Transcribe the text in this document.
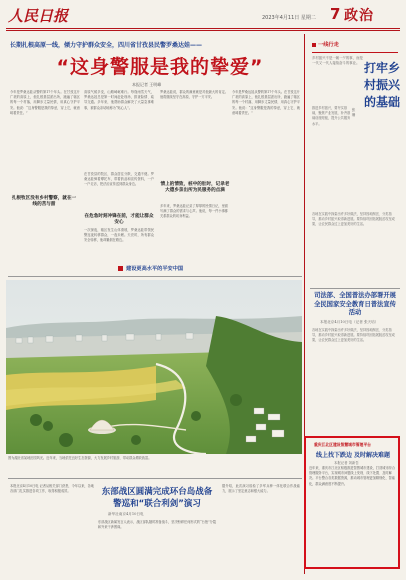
人民日报	2023年4月11日 星期二 7 政治
长期扎根高原一线，倾力守护群众安全，四川省甘孜县民警罗桑达娃——
“这身警服是我的挚爱”
本报记者 王明峰

今年是罗桑达娃从警的第17个年头。在甘孜这片广袤的高原上，他扎根基层派出所，跑遍了辖区的每一个村落，用脚步丈量民情，用真心守护平安。他说：“这身警服是我的挚爱，穿上它，就意味着责任。”

高原气候多变，山路崎岖难行。每逢雨雪天气，罗桑达娃总是第一时间赶赴现场，排查险情、疏导交通。多年来，他帮助群众解决了大量急事难事，被群众亲切地称为“贴心人”。

扎根牧区没有乡村警察，就在一线的苦与甜

在甘孜县的牧区，群众居住分散，交通不便。罗桑达娃骑着摩托车，带着药品和宣传资料，一户一户走访，把法治宣传送到群众身边。

在危急时刻冲锋在前，才能让群众安心

一次深夜，辖区发生山体滑坡，罗桑达娃带领民警连夜转移群众，一夜未眠。天亮时，所有群众安全转移，他却累倒在路边。

罗桑达娃说，群众的满意就是对他最大的肯定。他将继续坚守在高原，守护一方平安。

情上的情致，桩中的肚时，记录老大德乡亲出所为民服务的点滴

多年来，罗桑达娃记录了厚厚的民情日记，里面写满了群众的需求与心声。他说，每一件小事都关系群众的切身利益。

今年是罗桑达娃从警的第17个年头。在甘孜这片广袤的高原上，他扎根基层派出所，跑遍了辖区的每一个村落，用脚步丈量民情，用真心守护平安。他说：“这身警服是我的挚爱，穿上它，就意味着责任。”

建设更高水平的平安中国
一线行走
乡村振兴不是一朝一夕的事，而是一代又一代人接续奋斗的事业。 打牢乡村振兴的基础
张 珊
推进乡村振兴，要夯实基础，聚焦产业发展，补齐基础设施短板，提升公共服务水平。
各地在实践中探索出许多好做法，坚持因地制宜、分类指导，推动乡村振兴取得新进展。要持续巩固拓展脱贫攻坚成果，让农民群众过上更加美好的生活。
司法部、全国普法办部署开展全民国家安全教育日普法宣传活动
本报北京4月10日电（记者 张天培）
各地在实践中探索出许多好做法，坚持因地制宜、分类指导，推动乡村振兴取得新进展。要持续巩固拓展脱贫攻坚成果，让农民群众过上更加美好的生活。
重庆江北区建设智慧城市管理平台
线上找下跌边 及时解决难题
本报记者 刘新吾
近年来，重庆市江北区积极推进智慧城市建设，打造城市综合管理服务平台，实现城市问题线上发现、线下处置、及时解决。平台整合各类数据资源，推动城市管理更加精细化、智能化，群众满意度不断提升。
图为湖北省某地田园风光。近年来，当地依托良好生态资源，大力发展乡村旅游，带动群众增收致富。

本报北京4月10日电 记者从相关部门获悉，今年以来，各地各部门扎实推进各项工作，取得积极成效。	东部战区圆满完成环台岛战备警巡和“联合利剑”演习
新华社南京4月10日电

东部战区新闻发言人表示，战区部队随时准备战斗，坚决粉碎任何形式的“台独”分裂和外来干涉图谋。

据介绍，此次演习检验了多军兵种一体化联合作战能力，展示了坚定意志和强大能力。
